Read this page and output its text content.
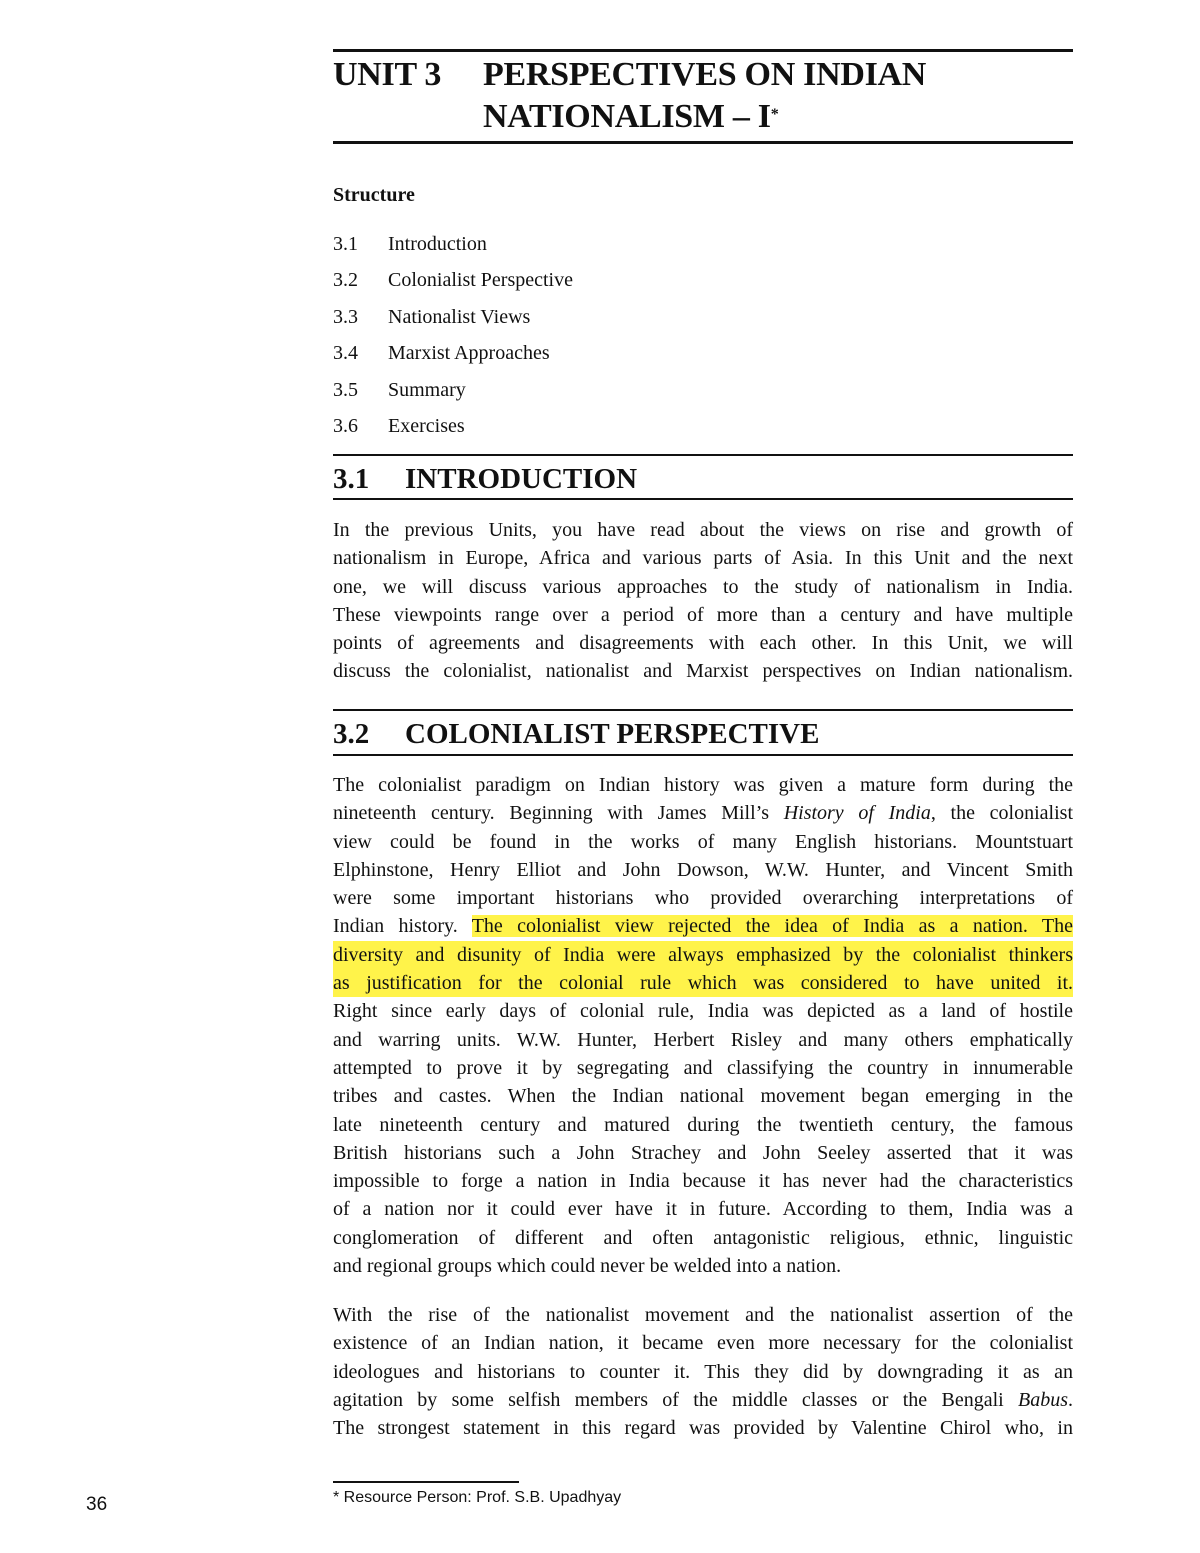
UNIT 3 PERSPECTIVES ON INDIAN
NATIONALISM – I*
Structure
3.1 Introduction
3.2 Colonialist Perspective
3.3 Nationalist Views
3.4 Marxist Approaches
3.5 Summary
3.6 Exercises
3.1 INTRODUCTION
In the previous Units, you have read about the views on rise and growth of
nationalism in Europe, Africa and various parts of Asia. In this Unit and the next
one, we will discuss various approaches to the study of nationalism in India.
These viewpoints range over a period of more than a century and have multiple
points of agreements and disagreements with each other. In this Unit, we will
discuss the colonialist, nationalist and Marxist perspectives on Indian nationalism.
3.2 COLONIALIST PERSPECTIVE
The colonialist paradigm on Indian history was given a mature form during the
nineteenth century. Beginning with James Mill’s History of India, the colonialist
view could be found in the works of many English historians. Mountstuart
Elphinstone, Henry Elliot and John Dowson, W.W. Hunter, and Vincent Smith
were some important historians who provided overarching interpretations of
Indian history. The colonialist view rejected the idea of India as a nation. The
diversity and disunity of India were always emphasized by the colonialist thinkers
as justification for the colonial rule which was considered to have united it.
Right since early days of colonial rule, India was depicted as a land of hostile
and warring units. W.W. Hunter, Herbert Risley and many others emphatically
attempted to prove it by segregating and classifying the country in innumerable
tribes and castes. When the Indian national movement began emerging in the
late nineteenth century and matured during the twentieth century, the famous
British historians such a John Strachey and John Seeley asserted that it was
impossible to forge a nation in India because it has never had the characteristics
of a nation nor it could ever have it in future. According to them, India was a
conglomeration of different and often antagonistic religious, ethnic, linguistic
and regional groups which could never be welded into a nation.
With the rise of the nationalist movement and the nationalist assertion of the
existence of an Indian nation, it became even more necessary for the colonialist
ideologues and historians to counter it. This they did by downgrading it as an
agitation by some selfish members of the middle classes or the Bengali Babus.
The strongest statement in this regard was provided by Valentine Chirol who, in
* Resource Person: Prof. S.B. Upadhyay
36
